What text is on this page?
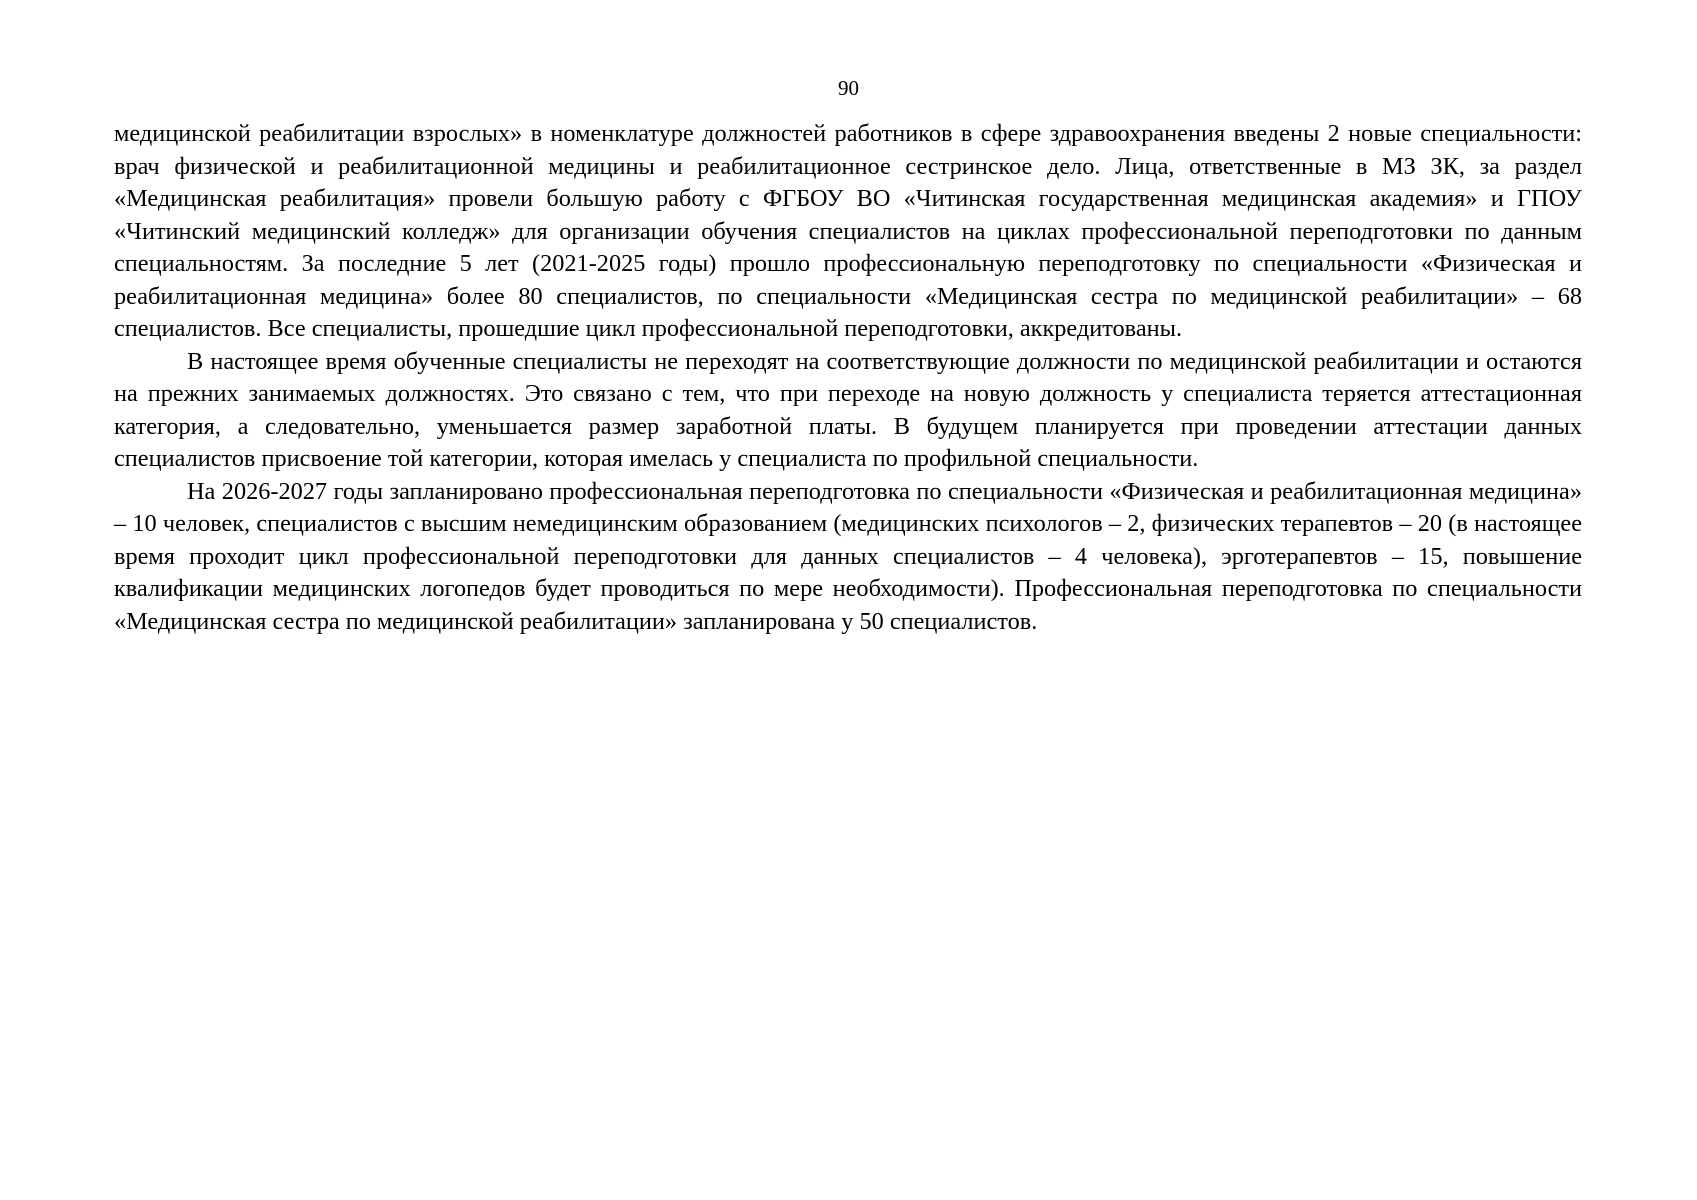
90

медицинской реабилитации взрослых» в номенклатуре должностей работников в сфере здравоохранения введены 2 новые специальности: врач физической и реабилитационной медицины и реабилитационное сестринское дело. Лица, ответственные в МЗ ЗК, за раздел «Медицинская реабилитация» провели большую работу с ФГБОУ ВО «Читинская государственная медицинская академия» и ГПОУ «Читинский медицинский колледж» для организации обучения специалистов на циклах профессиональной переподготовки по данным специальностям. За последние 5 лет (2021-2025 годы) прошло профессиональную переподготовку по специальности «Физическая и реабилитационная медицина» более 80 специалистов, по специальности «Медицинская сестра по медицинской реабилитации» – 68 специалистов. Все специалисты, прошедшие цикл профессиональной переподготовки, аккредитованы.

В настоящее время обученные специалисты не переходят на соответствующие должности по медицинской реабилитации и остаются на прежних занимаемых должностях. Это связано с тем, что при переходе на новую должность у специалиста теряется аттестационная категория, а следовательно, уменьшается размер заработной платы. В будущем планируется при проведении аттестации данных специалистов присвоение той категории, которая имелась у специалиста по профильной специальности.

На 2026-2027 годы запланировано профессиональная переподготовка по специальности «Физическая и реабилитационная медицина» – 10 человек, специалистов с высшим немедицинским образованием (медицинских психологов – 2, физических терапевтов – 20 (в настоящее время проходит цикл профессиональной переподготовки для данных специалистов – 4 человека), эрготерапевтов – 15, повышение квалификации медицинских логопедов будет проводиться по мере необходимости). Профессиональная переподготовка по специальности «Медицинская сестра по медицинской реабилитации» запланирована у 50 специалистов.
